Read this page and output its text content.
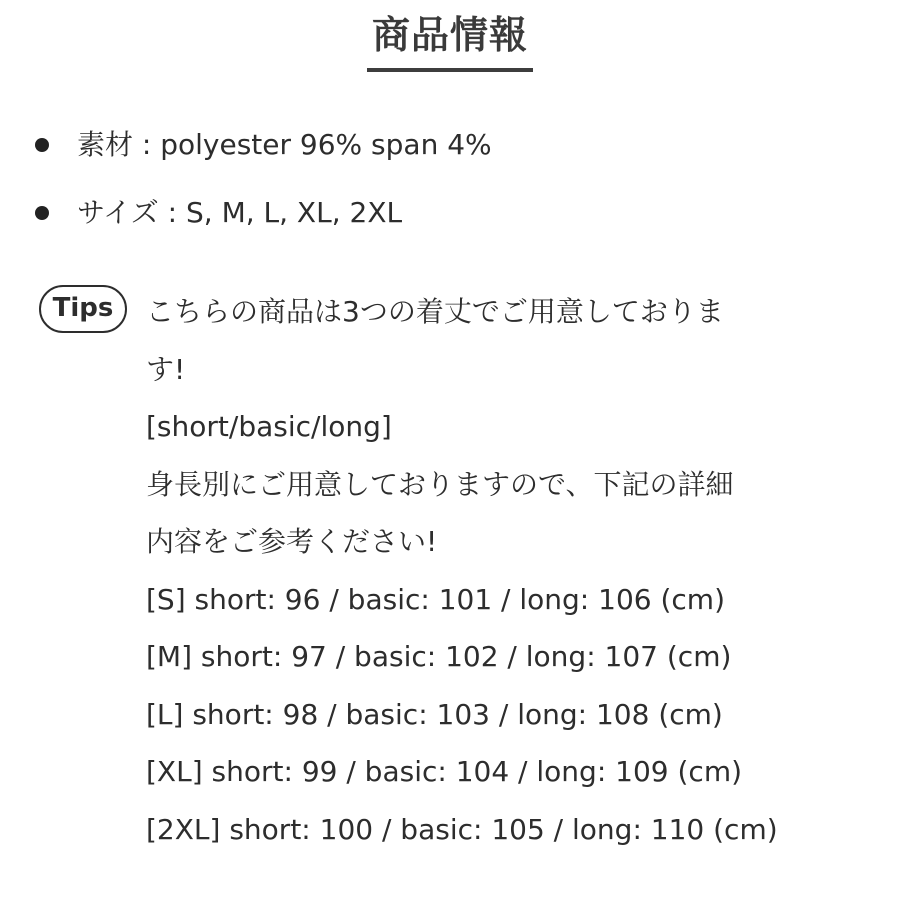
商品情報
素材 : polyester 96% span 4%
サイズ : S, M, L, XL, 2XL
Tips	こちらの商品は3つの着丈でご用意しておりま
す!
[short/basic/long]
身長別にご用意しておりますので、下記の詳細
内容をご参考ください!
[S] short: 96 / basic: 101 / long: 106 (cm)
[M] short: 97 / basic: 102 / long: 107 (cm)
[L] short: 98 / basic: 103 / long: 108 (cm)
[XL] short: 99 / basic: 104 / long: 109 (cm)
[2XL] short: 100 / basic: 105 / long: 110 (cm)
